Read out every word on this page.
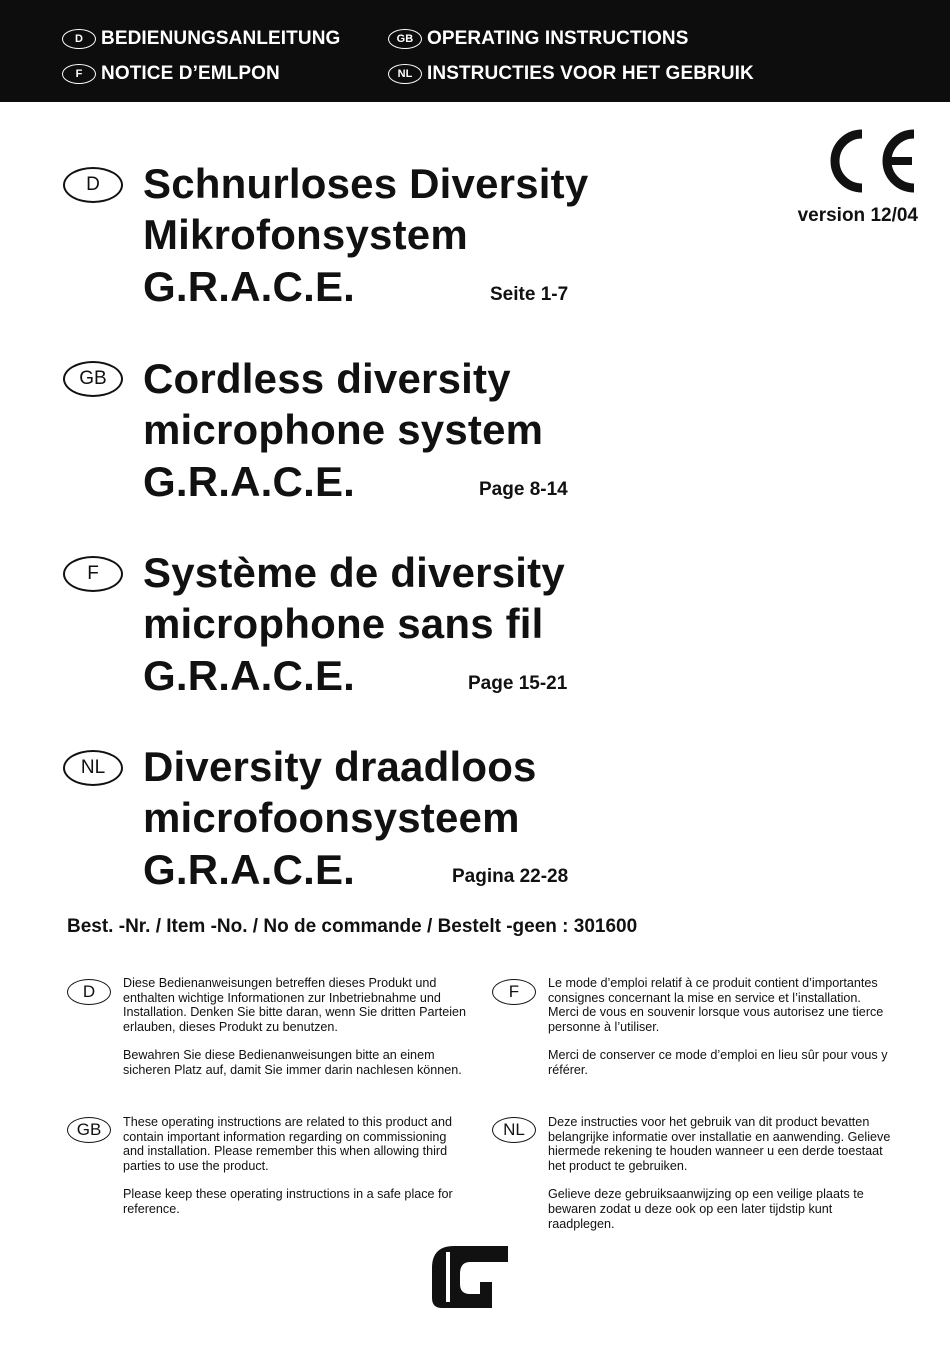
D BEDIENUNGSANLEITUNG	GB OPERATING INSTRUCTIONS
F NOTICE D’EMLPON	NL INSTRUCTIES VOOR HET GEBRUIK
version 12/04
D	Schnurloses Diversity
Mikrofonsystem
G.R.A.C.E.	Seite 1-7
GB Cordless diversity
microphone system
G.R.A.C.E.	Page 8-14
F	Système de diversity
microphone sans fil
G.R.A.C.E.	Page 15-21
NL Diversity draadloos
microfoonsysteem
G.R.A.C.E.	Pagina 22-28
Best. -Nr. / Item -No. / No de commande / Bestelt -geen : 301600
D	Diese Bedienanweisungen betreffen dieses Produkt und enthalten wichtige Informationen zur Inbetriebnahme und Installation. Denken Sie bitte daran, wenn Sie dritten Parteien erlauben, dieses Produkt zu benutzen.

Bewahren Sie diese Bedienanweisungen bitte an einem sicheren Platz auf, damit Sie immer darin nachlesen können.

F	Le mode d’emploi relatif à ce produit contient d’importantes consignes concernant la mise en service et l’installation. Merci de vous en souvenir lorsque vous autorisez une tierce personne à l’utiliser.

Merci de conserver ce mode d’emploi en lieu sûr pour vous y référer.

GB	These operating instructions are related to this product and contain important information regarding on commissioning and installation. Please remember this when allowing third parties to use the product.

Please keep these operating instructions in a safe place for reference.

NL	Deze instructies voor het gebruik van dit product bevatten belangrijke informatie over installatie en aanwending. Gelieve hiermede rekening te houden wanneer u een derde toestaat het product te gebruiken.

Gelieve deze gebruiksaanwijzing op een veilige plaats te bewaren zodat u deze ook op een later tijdstip kunt raadplegen.
